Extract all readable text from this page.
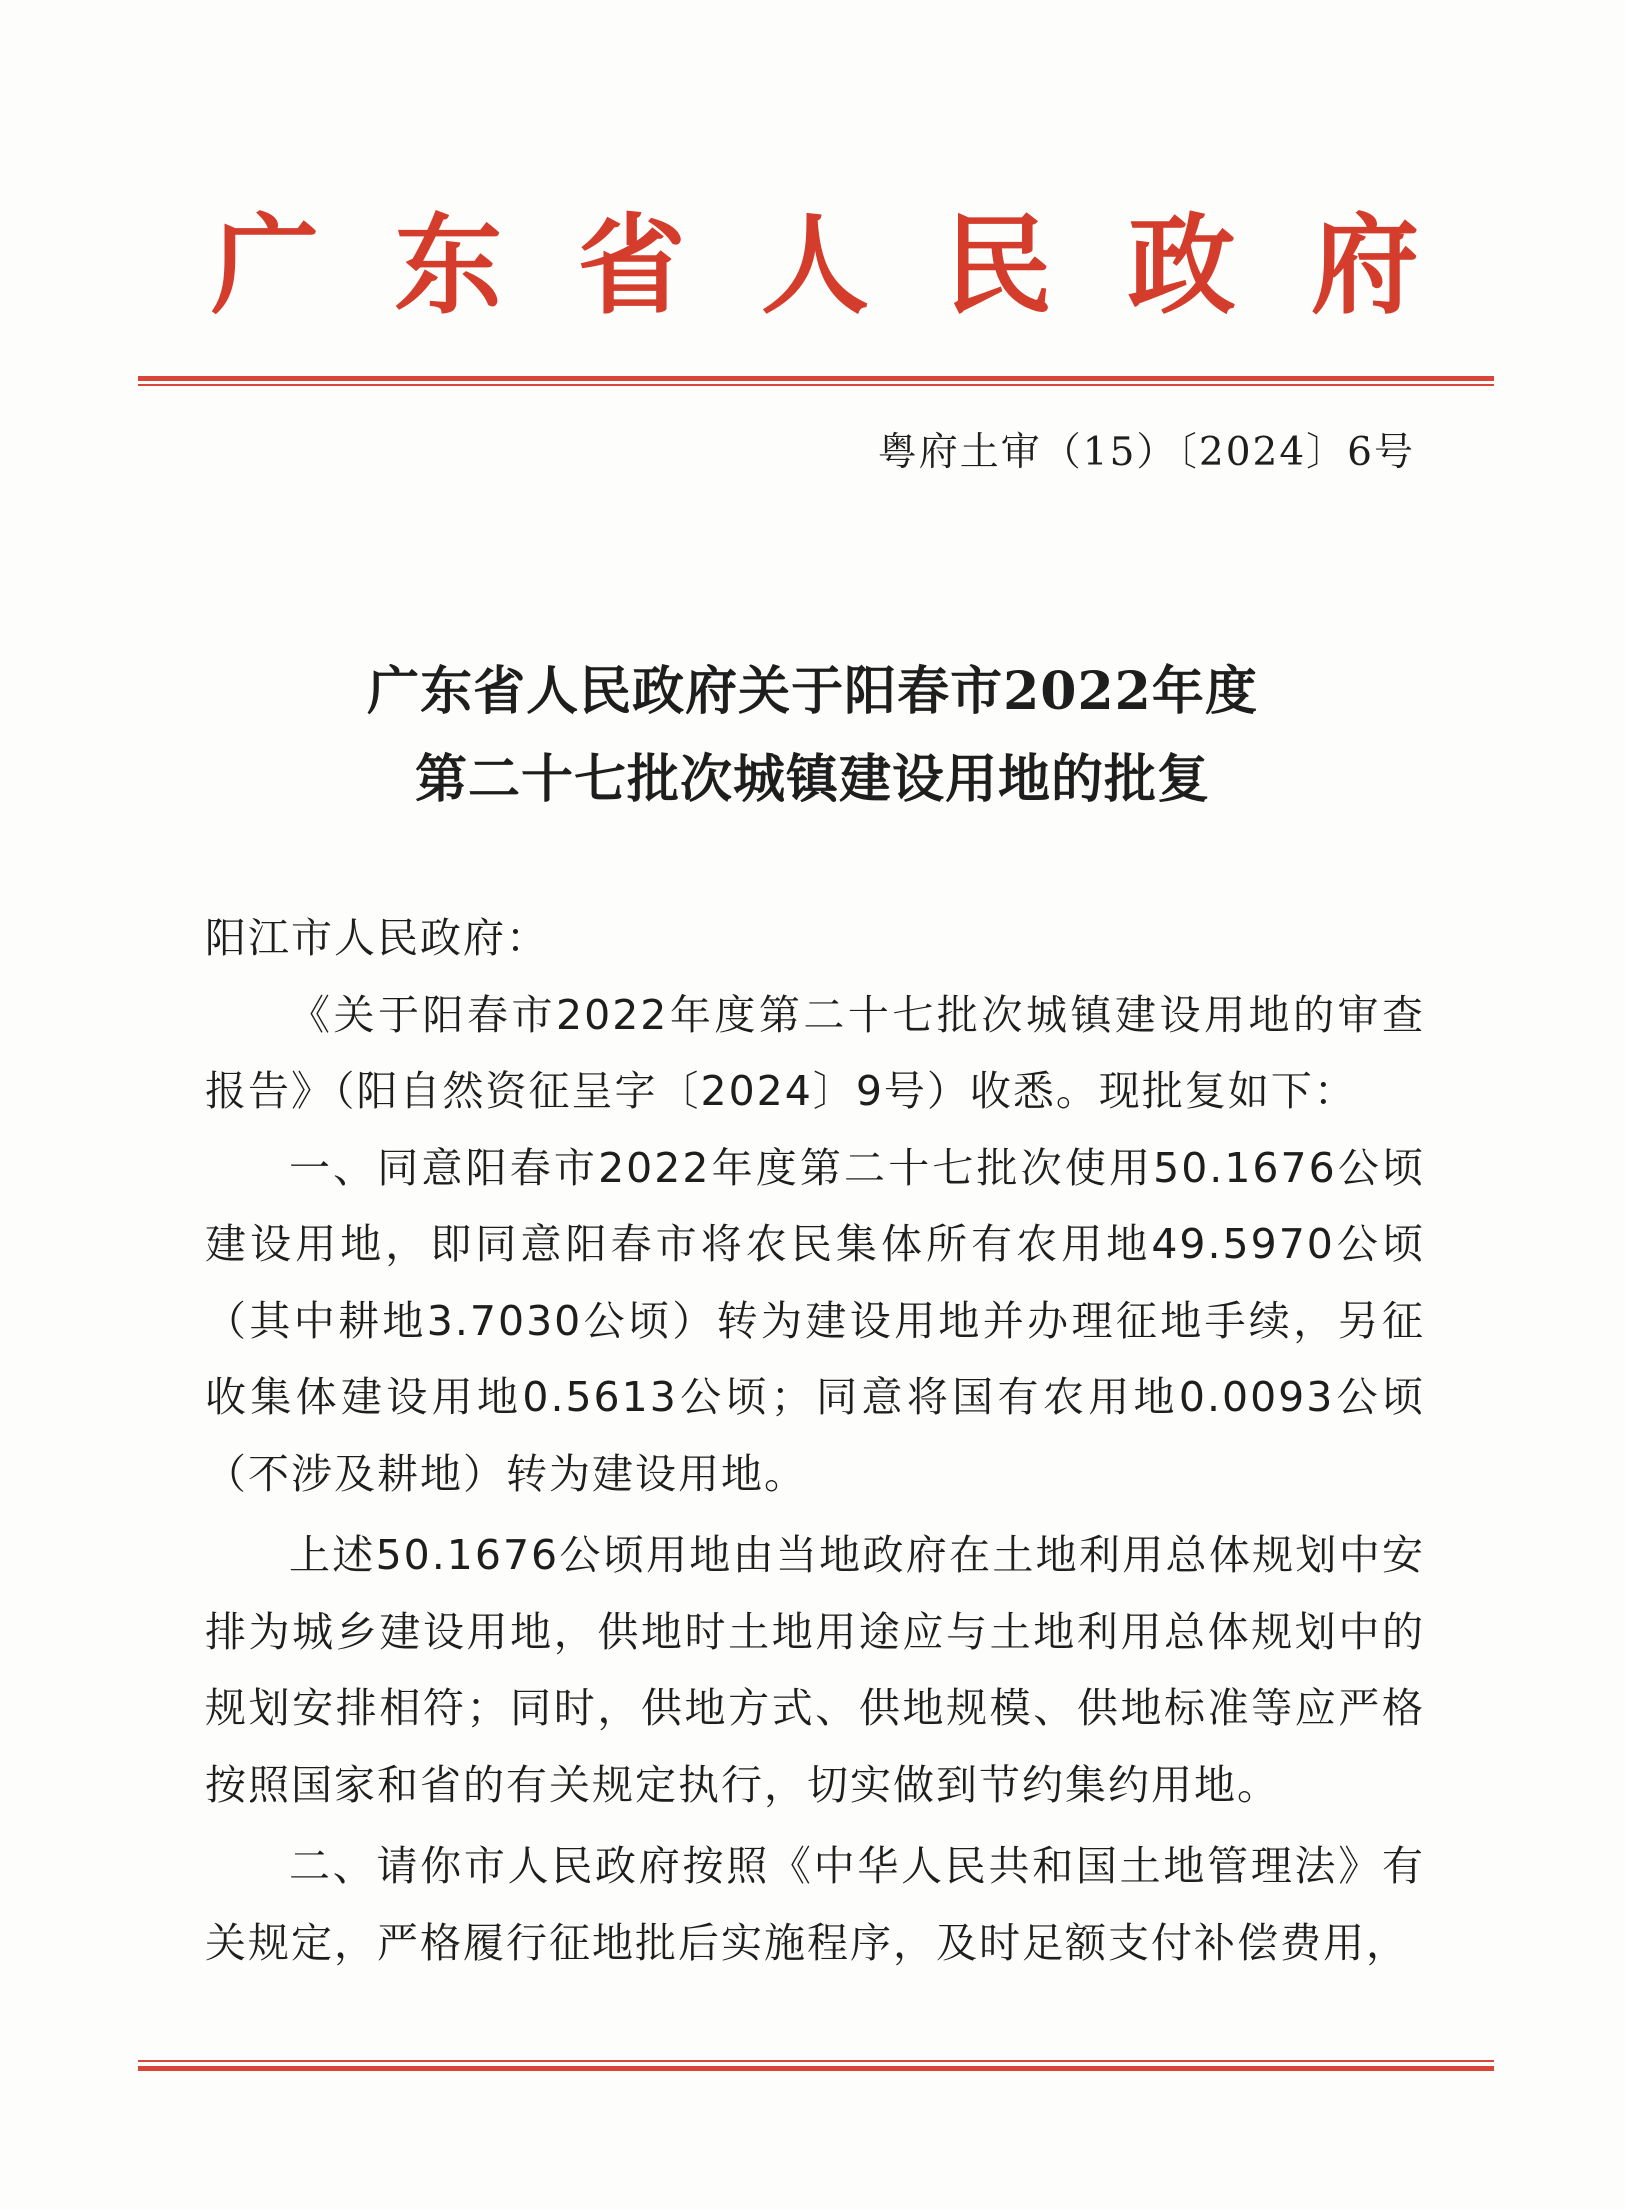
广 东 省 人 民 政 府
粤府土审（15）〔2024〕6号
广东省人民政府关于阳春市2022年度
第二十七批次城镇建设用地的批复

阳江市人民政府：

《关于阳春市2022年度第二十七批次城镇建设用地的审查报告》（阳自然资征呈字〔2024〕9号）收悉。现批复如下：

一、同意阳春市2022年度第二十七批次使用50.1676公顷建设用地，即同意阳春市将农民集体所有农用地49.5970公顷（其中耕地3.7030公顷）转为建设用地并办理征地手续，另征收集体建设用地0.5613公顷；同意将国有农用地0.0093公顷（不涉及耕地）转为建设用地。

上述50.1676公顷用地由当地政府在土地利用总体规划中安排为城乡建设用地，供地时土地用途应与土地利用总体规划中的规划安排相符；同时，供地方式、供地规模、供地标准等应严格按照国家和省的有关规定执行，切实做到节约集约用地。

二、请你市人民政府按照《中华人民共和国土地管理法》有关规定，严格履行征地批后实施程序，及时足额支付补偿费用，
